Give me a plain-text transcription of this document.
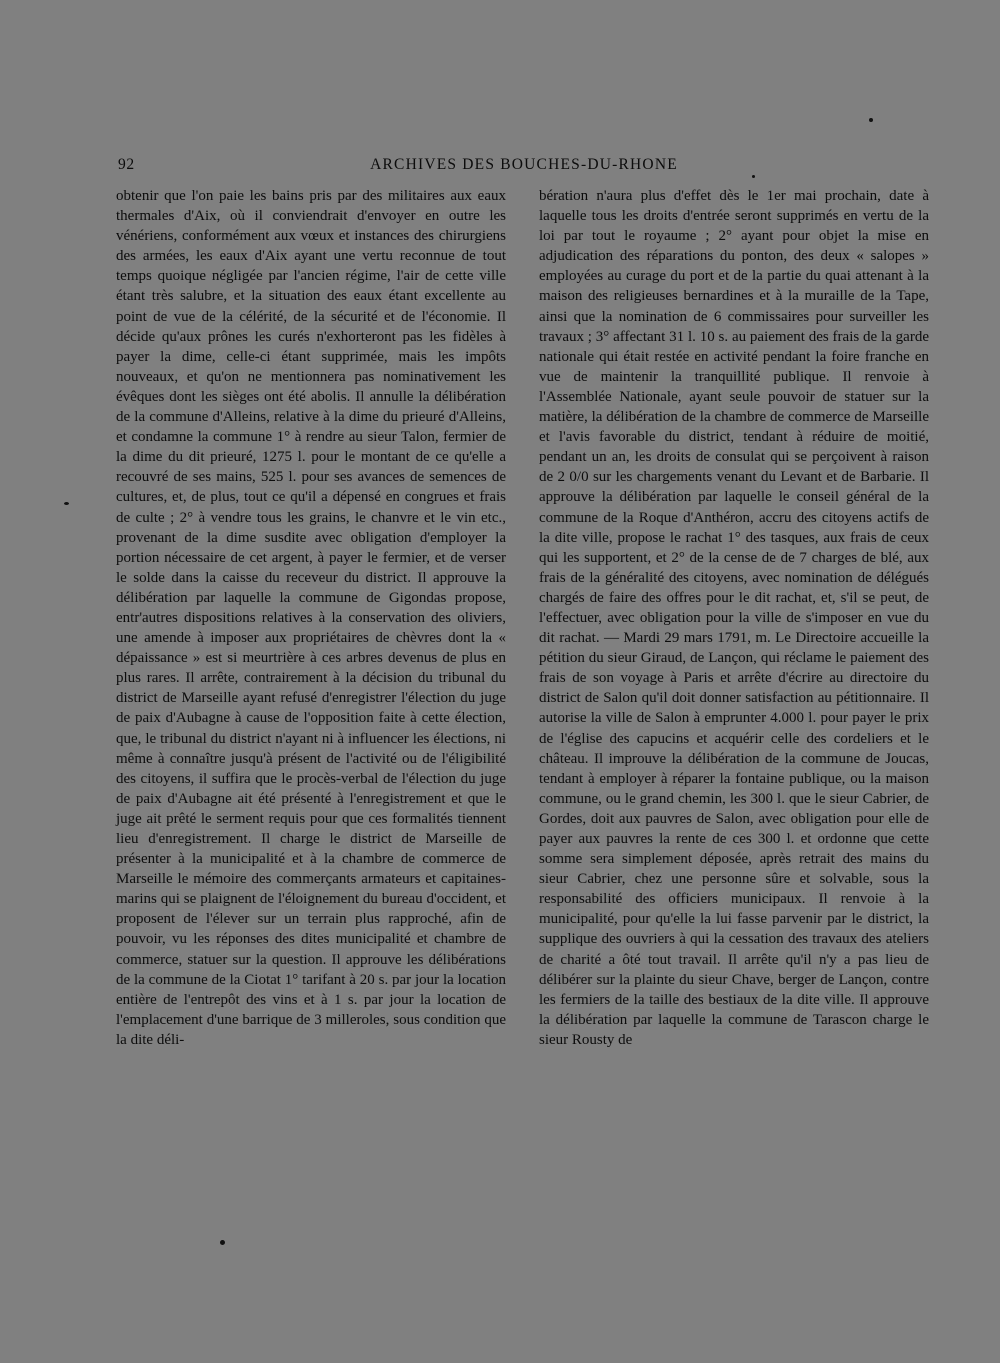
92	ARCHIVES DES BOUCHES-DU-RHONE

obtenir que l'on paie les bains pris par des militaires aux eaux thermales d'Aix, où il conviendrait d'envoyer en outre les vénériens, conformément aux vœux et instances des chirurgiens des armées, les eaux d'Aix ayant une vertu reconnue de tout temps quoique négligée par l'ancien régime, l'air de cette ville étant très salubre, et la situation des eaux étant excellente au point de vue de la célérité, de la sécurité et de l'économie. Il décide qu'aux prônes les curés n'exhorteront pas les fidèles à payer la dime, celle-ci étant supprimée, mais les impôts nouveaux, et qu'on ne mentionnera pas nominativement les évêques dont les sièges ont été abolis. Il annulle la délibération de la commune d'Alleins, relative à la dime du prieuré d'Alleins, et condamne la commune 1° à rendre au sieur Talon, fermier de la dime du dit prieuré, 1275 l. pour le montant de ce qu'elle a recouvré de ses mains, 525 l. pour ses avances de semences de cultures, et, de plus, tout ce qu'il a dépensé en congrues et frais de culte ; 2° à vendre tous les grains, le chanvre et le vin etc., provenant de la dime susdite avec obligation d'employer la portion nécessaire de cet argent, à payer le fermier, et de verser le solde dans la caisse du receveur du district. Il approuve la délibération par laquelle la commune de Gigondas propose, entr'autres dispositions relatives à la conservation des oliviers, une amende à imposer aux propriétaires de chèvres dont la « dépaissance » est si meurtrière à ces arbres devenus de plus en plus rares. Il arrête, contrairement à la décision du tribunal du district de Marseille ayant refusé d'enregistrer l'élection du juge de paix d'Aubagne à cause de l'opposition faite à cette élection, que, le tribunal du district n'ayant ni à influencer les élections, ni même à connaître jusqu'à présent de l'activité ou de l'éligibilité des citoyens, il suffira que le procès-verbal de l'élection du juge de paix d'Aubagne ait été présenté à l'enregistrement et que le juge ait prêté le serment requis pour que ces formalités tiennent lieu d'enregistrement. Il charge le district de Marseille de présenter à la municipalité et à la chambre de commerce de Marseille le mémoire des commerçants armateurs et capitaines-marins qui se plaignent de l'éloignement du bureau d'occident, et proposent de l'élever sur un terrain plus rapproché, afin de pouvoir, vu les réponses des dites municipalité et chambre de commerce, statuer sur la question. Il approuve les délibérations de la commune de la Ciotat 1° tarifant à 20 s. par jour la location entière de l'entrepôt des vins et à 1 s. par jour la location de l'emplacement d'une barrique de 3 milleroles, sous condition que la dite déli-

bération n'aura plus d'effet dès le 1er mai prochain, date à laquelle tous les droits d'entrée seront supprimés en vertu de la loi par tout le royaume ; 2° ayant pour objet la mise en adjudication des réparations du ponton, des deux « salopes » employées au curage du port et de la partie du quai attenant à la maison des religieuses bernardines et à la muraille de la Tape, ainsi que la nomination de 6 commissaires pour surveiller les travaux ; 3° affectant 31 l. 10 s. au paiement des frais de la garde nationale qui était restée en activité pendant la foire franche en vue de maintenir la tranquillité publique. Il renvoie à l'Assemblée Nationale, ayant seule pouvoir de statuer sur la matière, la délibération de la chambre de commerce de Marseille et l'avis favorable du district, tendant à réduire de moitié, pendant un an, les droits de consulat qui se perçoivent à raison de 2 0/0 sur les chargements venant du Levant et de Barbarie. Il approuve la délibération par laquelle le conseil général de la commune de la Roque d'Anthéron, accru des citoyens actifs de la dite ville, propose le rachat 1° des tasques, aux frais de ceux qui les supportent, et 2° de la cense de de 7 charges de blé, aux frais de la généralité des citoyens, avec nomination de délégués chargés de faire des offres pour le dit rachat, et, s'il se peut, de l'effectuer, avec obligation pour la ville de s'imposer en vue du dit rachat. — Mardi 29 mars 1791, m. Le Directoire accueille la pétition du sieur Giraud, de Lançon, qui réclame le paiement des frais de son voyage à Paris et arrête d'écrire au directoire du district de Salon qu'il doit donner satisfaction au pétitionnaire. Il autorise la ville de Salon à emprunter 4.000 l. pour payer le prix de l'église des capucins et acquérir celle des cordeliers et le château. Il improuve la délibération de la commune de Joucas, tendant à employer à réparer la fontaine publique, ou la maison commune, ou le grand chemin, les 300 l. que le sieur Cabrier, de Gordes, doit aux pauvres de Salon, avec obligation pour elle de payer aux pauvres la rente de ces 300 l. et ordonne que cette somme sera simplement déposée, après retrait des mains du sieur Cabrier, chez une personne sûre et solvable, sous la responsabilité des officiers municipaux. Il renvoie à la municipalité, pour qu'elle la lui fasse parvenir par le district, la supplique des ouvriers à qui la cessation des travaux des ateliers de charité a ôté tout travail. Il arrête qu'il n'y a pas lieu de délibérer sur la plainte du sieur Chave, berger de Lançon, contre les fermiers de la taille des bestiaux de la dite ville. Il approuve la délibération par laquelle la commune de Tarascon charge le sieur Rousty de
